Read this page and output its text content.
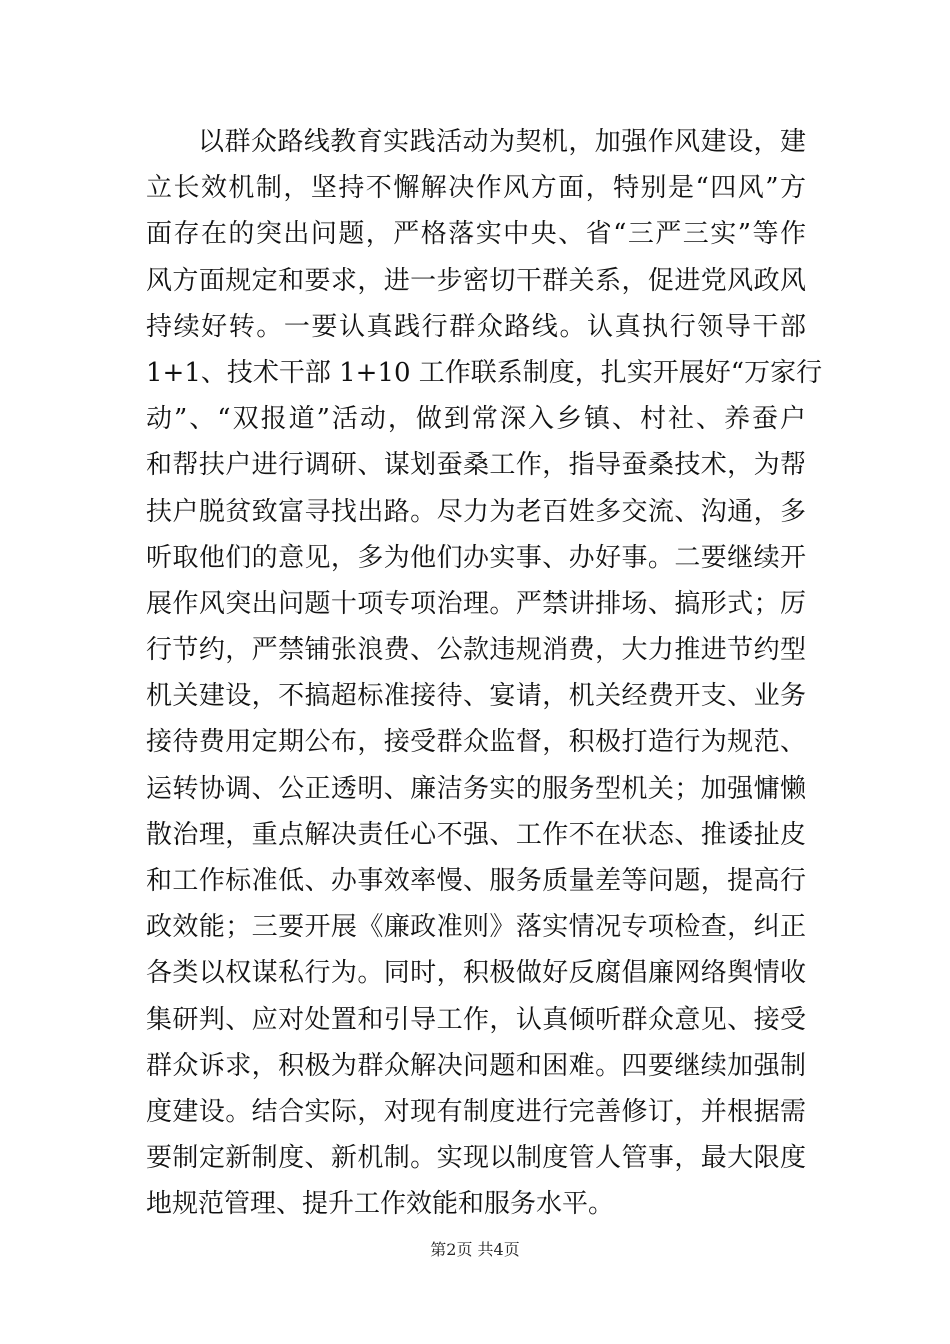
以群众路线教育实践活动为契机，加强作风建设，建
立长效机制，坚持不懈解决作风方面，特别是“四风”方
面存在的突出问题，严格落实中央、省“三严三实”等作
风方面规定和要求，进一步密切干群关系，促进党风政风
持续好转。一要认真践行群众路线。认真执行领导干部
1+1、技术干部 1+10 工作联系制度，扎实开展好“万家行
动”、“双报道”活动，做到常深入乡镇、村社、养蚕户
和帮扶户进行调研、谋划蚕桑工作，指导蚕桑技术，为帮
扶户脱贫致富寻找出路。尽力为老百姓多交流、沟通，多
听取他们的意见，多为他们办实事、办好事。二要继续开
展作风突出问题十项专项治理。严禁讲排场、搞形式；厉
行节约，严禁铺张浪费、公款违规消费，大力推进节约型
机关建设，不搞超标准接待、宴请，机关经费开支、业务
接待费用定期公布，接受群众监督，积极打造行为规范、
运转协调、公正透明、廉洁务实的服务型机关；加强慵懒
散治理，重点解决责任心不强、工作不在状态、推诿扯皮
和工作标准低、办事效率慢、服务质量差等问题，提高行
政效能；三要开展《廉政准则》落实情况专项检查，纠正
各类以权谋私行为。同时，积极做好反腐倡廉网络舆情收
集研判、应对处置和引导工作，认真倾听群众意见、接受
群众诉求，积极为群众解决问题和困难。四要继续加强制
度建设。结合实际，对现有制度进行完善修订，并根据需
要制定新制度、新机制。实现以制度管人管事，最大限度
地规范管理、提升工作效能和服务水平。
第2页 共4页
